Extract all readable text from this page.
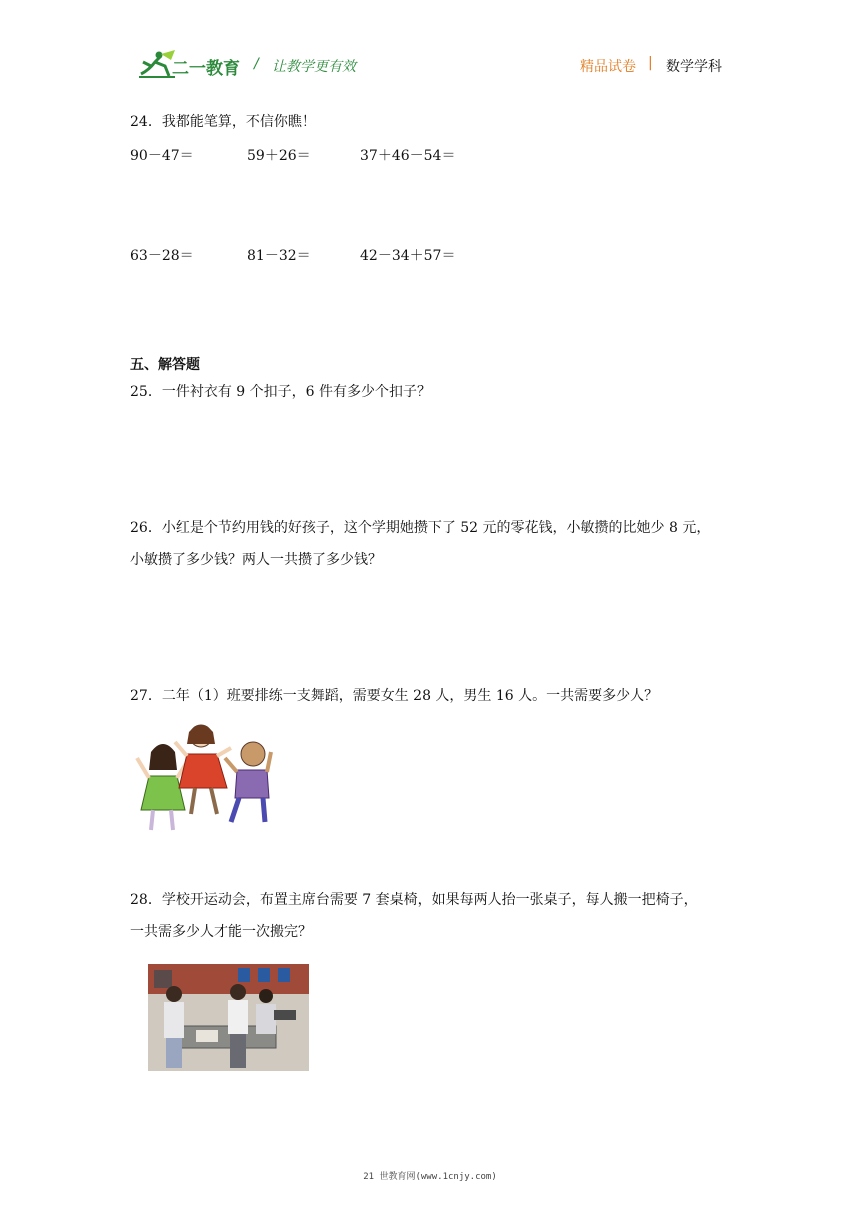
二一教育 / 让教学更有效	精品试卷 | 数学学科
24．我都能笔算，不信你瞧！
90－47＝	59＋26＝	37＋46－54＝
63－28＝	81－32＝	42－34＋57＝
五、解答题
25．一件衬衣有 9 个扣子，6 件有多少个扣子？
26．小红是个节约用钱的好孩子，这个学期她攒下了 52 元的零花钱，小敏攒的比她少 8 元，
小敏攒了多少钱？两人一共攒了多少钱？
27．二年（1）班要排练一支舞蹈，需要女生 28 人，男生 16 人。一共需要多少人？
28．学校开运动会，布置主席台需要 7 套桌椅，如果每两人抬一张桌子，每人搬一把椅子，
一共需多少人才能一次搬完？
21 世教育网(www.1cnjy.com)
